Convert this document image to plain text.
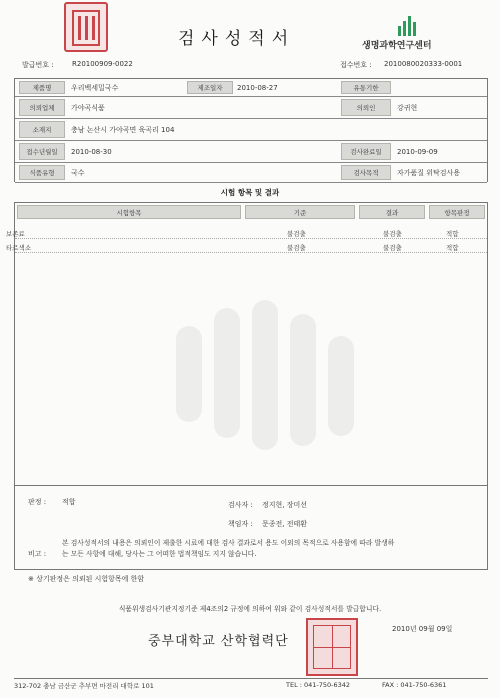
검사성적서	생명과학연구센터
발급번호 :	R20100909-0022	접수번호 : 2010080020333-0001
제품명	우리백세밀국수	제조일자	2010-08-27	유통기한
의뢰업체	가야곡식품	의뢰인	강귀현
소재지	충남 논산시 가야곡면 육곡리 104
접수년월일	2010-08-30	검사완료일	2010-09-09
식품유형	국수	검사목적	자가품질 위탁검사용
시험 항목 및 결과
시험항목	기준	결과	항목판정
보존료	불검출	불검출	적합
타르색소	불검출	불검출	적합
판정 : 적합	검사자 : 정지현, 장미선
책임자 : 문종전, 전태환
비고 :
본 검사성적서의 내용은 의뢰인이 제출한 시료에 대한 검사 결과로서 용도 이외의 목적으로 사용함에 따라 발생하
는 모든 사항에 대해, 당사는 그 어떠한 법적책임도 지지 않습니다.
※ 상기판정은 의뢰된 시험항목에 한함
식품위생검사기관지정기준 제4조의2 규정에 의하여 위와 같이 검사성적서를 발급합니다.
2010년 09월 09일
중부대학교 산학협력단
312-702 충남 금산군 추부면 마전리 대학로 101	TEL : 041-750-6342	FAX : 041-750-6361
